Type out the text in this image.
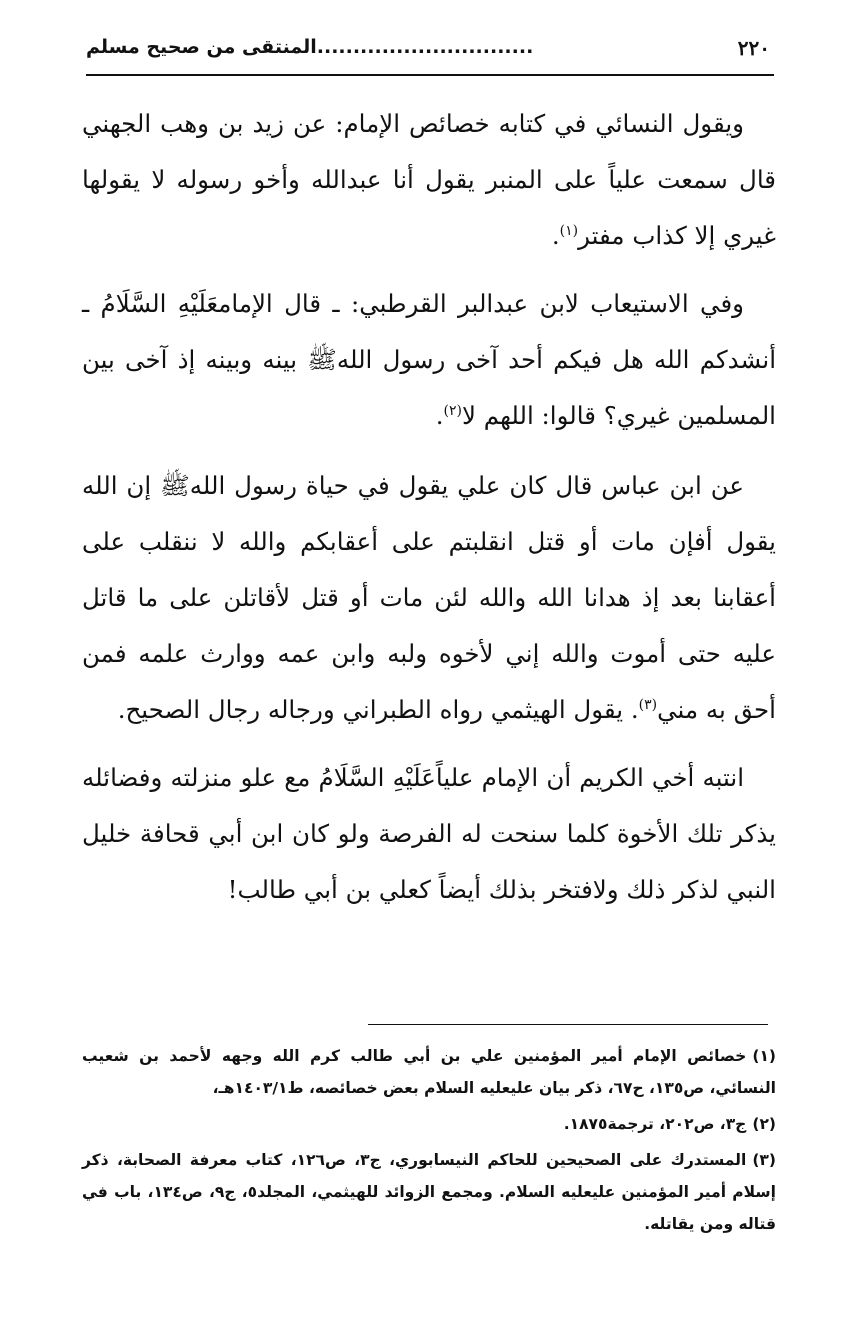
٢٢٠
..............................المنتقى من صحيح مسلم

ويقول النسائي في كتابه خصائص الإمام: عن زيد بن وهب الجهني قال سمعت علياً على المنبر يقول أنا عبدالله وأخو رسوله لا يقولها غيري إلا كذاب مفتر$^{(١)}$.

وفي الاستيعاب لابن عبدالبر القرطبي: ـ قال الإمامعَلَيْهِ السَّلَامُ ـ أنشدكم الله هل فيكم أحد آخى رسول اللهﷺ بينه وبينه إذ آخى بين المسلمين غيري؟ قالوا: اللهم لا$^{(٢)}$.

عن ابن عباس قال كان علي يقول في حياة رسول اللهﷺ إن الله يقول أفإن مات أو قتل انقلبتم على أعقابكم والله لا ننقلب على أعقابنا بعد إذ هدانا الله والله لئن مات أو قتل لأقاتلن على ما قاتل عليه حتى أموت والله إني لأخوه ولبه وابن عمه ووارث علمه فمن أحق به مني$^{(٣)}$. يقول الهيثمي رواه الطبراني ورجاله رجال الصحيح.

انتبه أخي الكريم أن الإمام علياًعَلَيْهِ السَّلَامُ مع علو منزلته وفضائله يذكر تلك الأخوة كلما سنحت له الفرصة ولو كان ابن أبي قحافة خليل النبي لذكر ذلك ولافتخر بذلك أيضاً كعلي بن أبي طالب!

(١)خصائص الإمام أمير المؤمنين علي بن أبي طالب كرم الله وجهه لأحمد بن شعيب النسائي، ص١٣٥، ح٦٧، ذكر بيان عليعليه السلام بعض خصائصه، ط١٤٠٣/١هـ،

(٢)ج٣، ص٢٠٢، ترجمة١٨٧٥.

(٣)المستدرك على الصحيحين للحاكم النيسابوري، ج٣، ص١٢٦، كتاب معرفة الصحابة، ذكر إسلام أمير المؤمنين عليعليه السلام. ومجمع الزوائد للهيثمي، المجلد٥، ج٩، ص١٣٤، باب في قتاله ومن يقاتله.
